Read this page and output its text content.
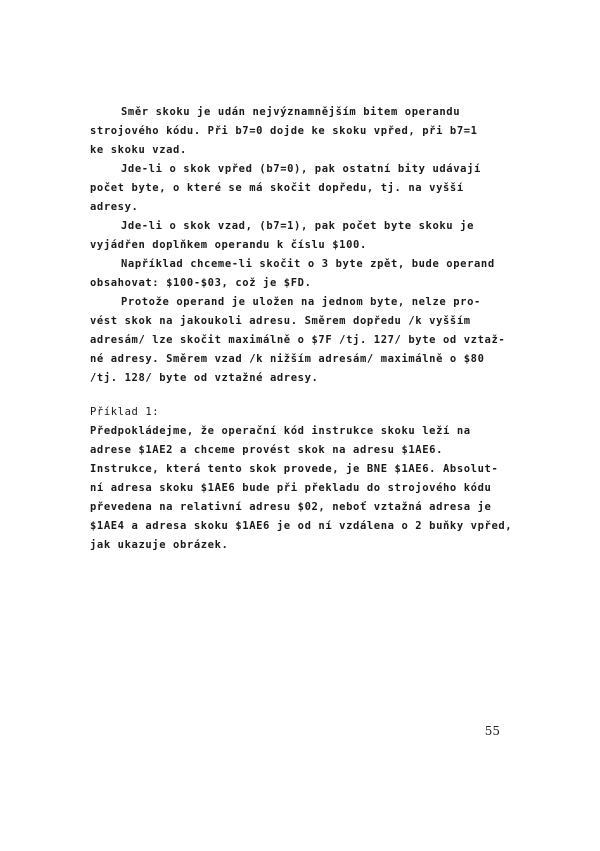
Směr skoku je udán nejvýznamnějším bitem operandu
strojového kódu. Při b7=0 dojde ke skoku vpřed, při b7=1
ke skoku vzad.
Jde-li o skok vpřed (b7=0), pak ostatní bity udávají
počet byte, o které se má skočit dopředu, tj. na vyšší
adresy.
Jde-li o skok vzad, (b7=1), pak počet byte skoku je
vyjádřen doplňkem operandu k číslu $100.
Například chceme-li skočit o 3 byte zpět, bude operand
obsahovat: $100-$03, což je $FD.
Protože operand je uložen na jednom byte, nelze pro-
vést skok na jakoukoli adresu. Směrem dopředu /k vyšším
adresám/ lze skočit maximálně o $7F /tj. 127/ byte od vztaž-
né adresy. Směrem vzad /k nižším adresám/ maximálně o $80
/tj. 128/ byte od vztažné adresy.
Příklad 1:
Předpokládejme, že operační kód instrukce skoku leží na
adrese $1AE2 a chceme provést skok na adresu $1AE6.
Instrukce, která tento skok provede, je BNE $1AE6. Absolut-
ní adresa skoku $1AE6 bude při překladu do strojového kódu
převedena na relativní adresu $02, neboť vztažná adresa je
$1AE4 a adresa skoku $1AE6 je od ní vzdálena o 2 buňky vpřed,
jak ukazuje obrázek.
55
